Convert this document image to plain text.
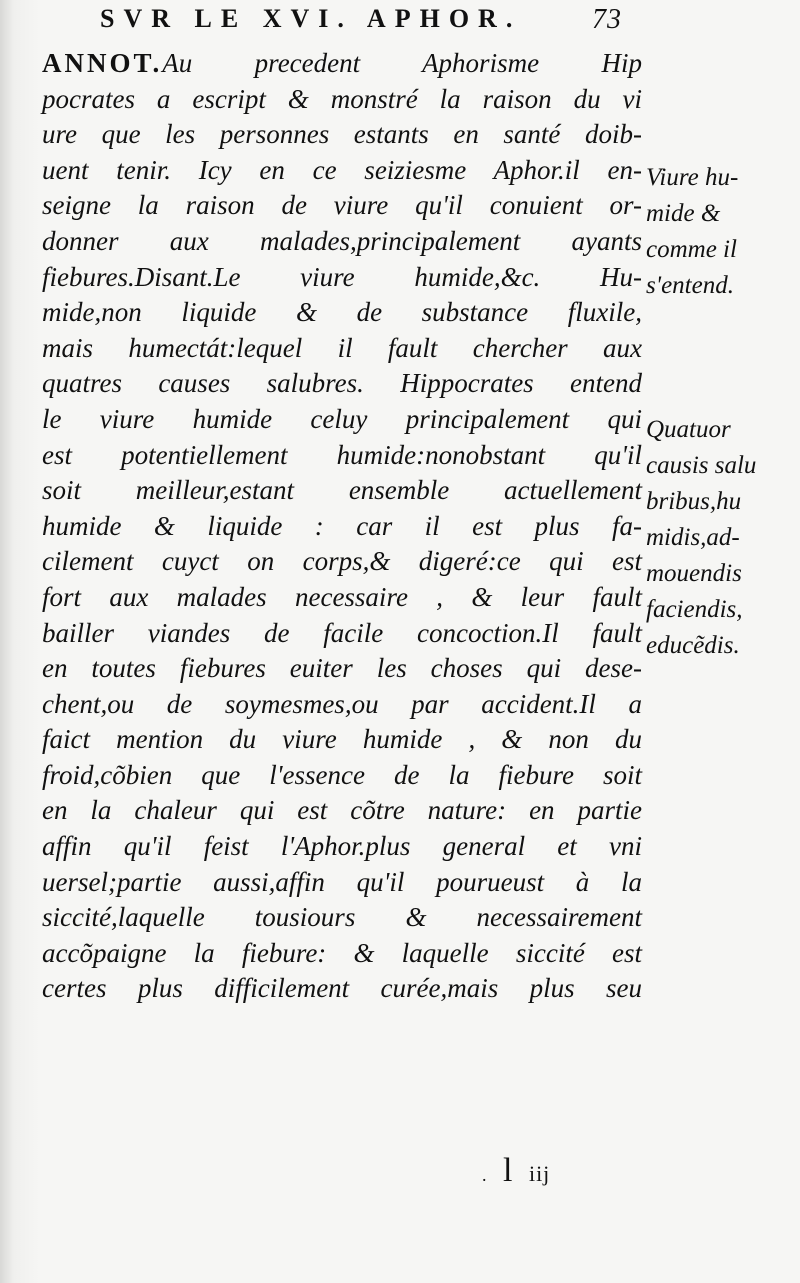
SVR LE XVI. APHOR.	73
ANNOT.Au precedent Aphorisme Hip
pocrates a escript & monstré la raison du vi
ure que les personnes estants en santé doib-
uent tenir. Icy en ce seiziesme Aphor.il en-
seigne la raison de viure qu'il conuient or-
donner aux malades,principalement ayants
fiebures.Disant.Le viure humide,&c. Hu-
mide,non liquide & de substance fluxile,
mais humectát:lequel il fault chercher aux
quatres causes salubres. Hippocrates entend
le viure humide celuy principalement qui
est potentiellement humide:nonobstant qu'il
soit meilleur,estant ensemble actuellement
humide & liquide : car il est plus fa-
cilement cuyct on corps,& digeré:ce qui est
fort aux malades necessaire , & leur fault
bailler viandes de facile concoction.Il fault
en toutes fiebures euiter les choses qui dese-
chent,ou de soymesmes,ou par accident.Il a
faict mention du viure humide , & non du
froid,cõbien que l'essence de la fiebure soit
en la chaleur qui est cõtre nature: en partie
affin qu'il feist l'Aphor.plus general et vni
uersel;partie aussi,affin qu'il pourueust à la
siccité,laquelle tousiours & necessairement
accõpaigne la fiebure: & laquelle siccité est
certes plus difficilement curée,mais plus seu
Viure hu-
mide &
comme il
s'entend.
Quatuor
causis salu
bribus,hu
midis,ad-
mouendis
faciendis,
educẽdis.
. l iij
